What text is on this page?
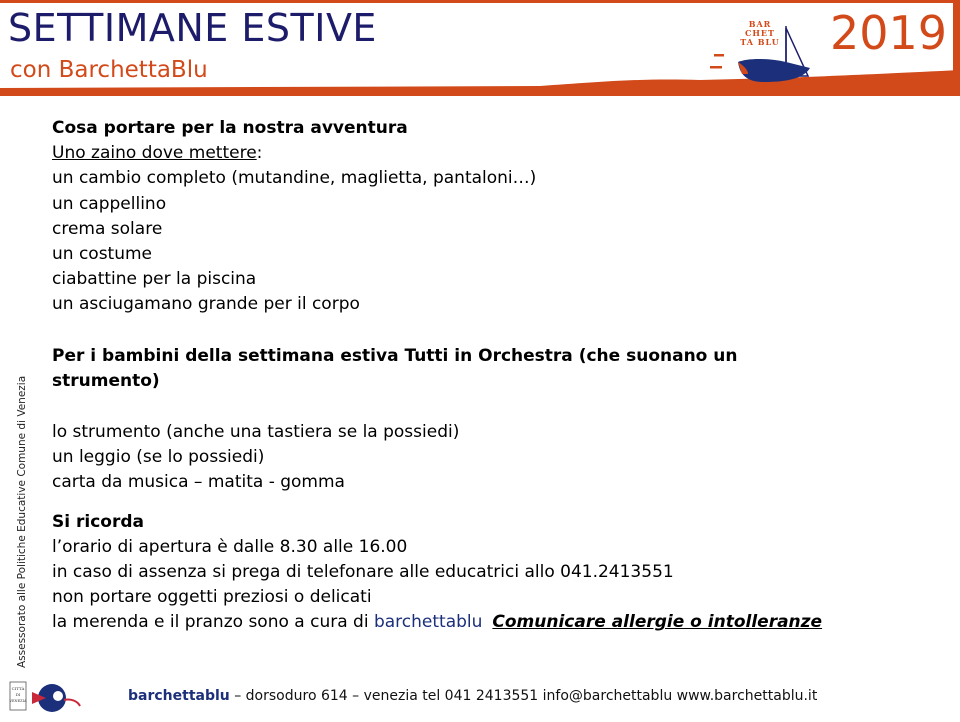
SETTIMANE ESTIVE
con BarchettaBlu
2019
BAR CHET TA BLU
Assessorato alle Politiche Educative Comune di Venezia

Cosa portare per la nostra avventura

Uno zaino dove mettere:

un cambio completo (mutandine, maglietta, pantaloni…)

un cappellino

crema solare

un costume

ciabattine per la piscina

un asciugamano grande per il corpo

Per i bambini della settimana estiva Tutti in Orchestra (che suonano un

strumento)

lo strumento (anche una tastiera se la possiedi)

un leggio (se lo possiedi)

carta da musica – matita - gomma

Si ricorda

l’orario di apertura è dalle 8.30 alle 16.00

in caso di assenza si prega di telefonare alle educatrici allo 041.2413551

non portare oggetti preziosi o delicati

la merenda e il pranzo sono a cura di barchettablu Comunicare allergie o intolleranze

CITTÀ
DI
VENEZIA	barchettablu – dorsoduro 614 – venezia tel 041 2413551 info@barchettablu www.barchettablu.it
